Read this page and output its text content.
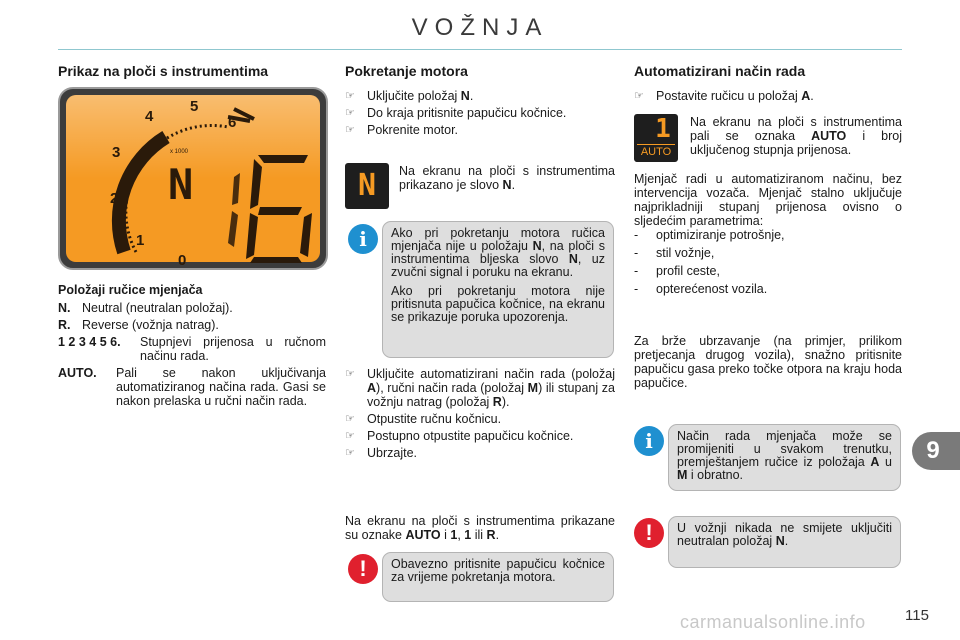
VOŽNJA
Prikaz na ploči s instrumentima
0
1
2
3
4
5
6
x 1000
N
Položaji ručice mjenjača
N. Neutral (neutralan položaj).
R. Reverse (vožnja natrag).
1 2 3 4 5 6.	Stupnjevi prijenosa u ručnom načinu rada.
AUTO.	Pali se nakon uključivanja automatiziranog načina rada. Gasi se nakon prelaska u ručni način rada.
Pokretanje motora
☞ Uključite položaj N.
☞ Do kraja pritisnite papučicu kočnice.
☞ Pokrenite motor.
N	Na ekranu na ploči s instrumentima prikazano je slovo N.
i	Ako pri pokretanju motora ručica mjenjača nije u položaju N, na ploči s instrumentima bljeska slovo N, uz zvučni signal i poruku na ekranu.

Ako pri pokretanju motora nije pritisnuta papučica kočnice, na ekranu se prikazuje poruka upozorenja.

☞ Uključite automatizirani način rada (položaj A), ručni način rada (položaj M) ili stupanj za vožnju natrag (položaj R).
☞ Otpustite ručnu kočnicu.
☞ Postupno otpustite papučicu kočnice.
☞ Ubrzajte.
Na ekranu na ploči s instrumentima prikazane su oznake AUTO i 1, 1 ili R.
!	Obavezno pritisnite papučicu kočnice za vrijeme pokretanja motora.
Automatizirani način rada
☞ Postavite ručicu u položaj A.
1
AUTO
Na ekranu na ploči s instrumentima pali se oznaka AUTO i broj uključenog stupnja prijenosa.
Mjenjač radi u automatiziranom načinu, bez intervencija vozača. Mjenjač stalno uključuje najprikladniji stupanj prijenosa ovisno o sljedećim parametrima:
-	optimiziranje potrošnje,
-	stil vožnje,
-	profil ceste,
-	opterećenost vozila.
Za brže ubrzavanje (na primjer, prilikom pretjecanja drugog vozila), snažno pritisnite papučicu gasa preko točke otpora na kraju hoda papučice.
i	Način rada mjenjača može se promijeniti u svakom trenutku, premještanjem ručice iz položaja A u M i obratno.
!	U vožnji nikada ne smijete uključiti neutralan položaj N.
9
carmanualsonline.info	115
